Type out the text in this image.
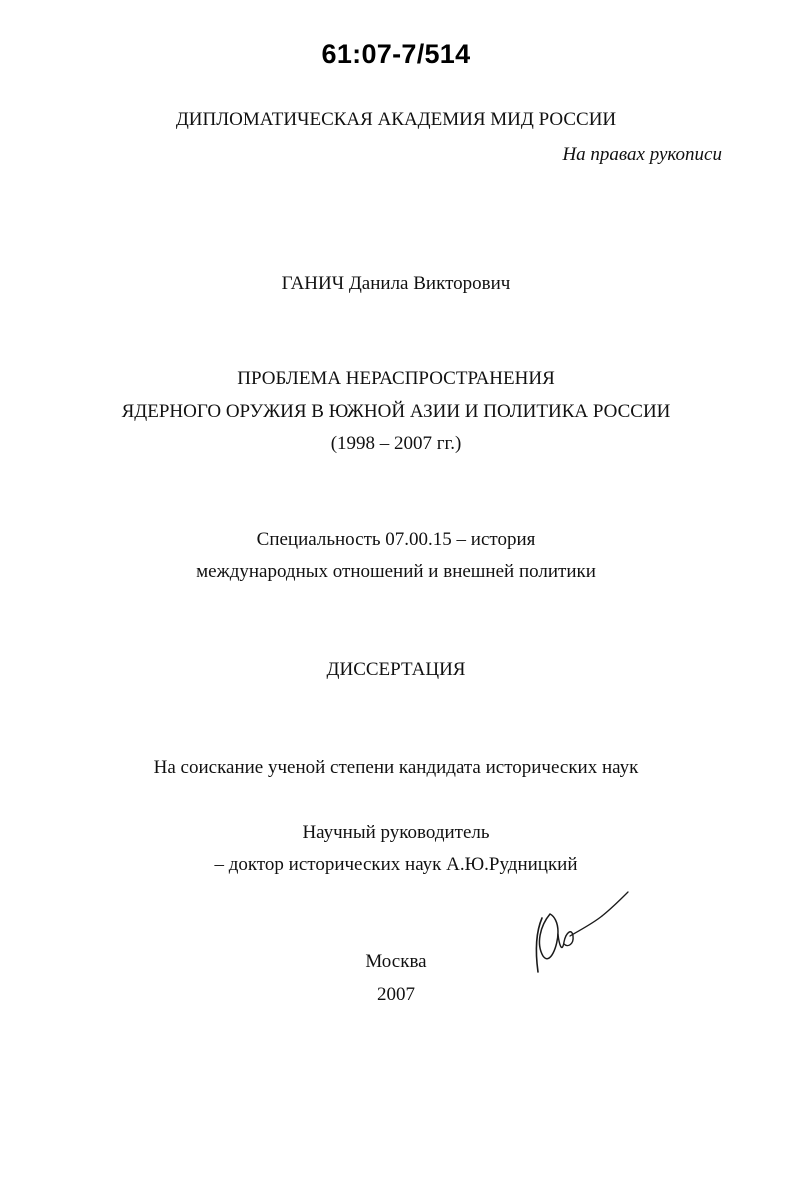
61:07-7/514
ДИПЛОМАТИЧЕСКАЯ АКАДЕМИЯ МИД РОССИИ
На правах рукописи
ГАНИЧ Данила Викторович
ПРОБЛЕМА НЕРАСПРОСТРАНЕНИЯ
ЯДЕРНОГО ОРУЖИЯ В ЮЖНОЙ АЗИИ И ПОЛИТИКА РОССИИ
(1998 – 2007 гг.)
Специальность 07.00.15 – история
международных отношений и внешней политики
ДИССЕРТАЦИЯ
На соискание ученой степени кандидата исторических наук
Научный руководитель
– доктор исторических наук А.Ю.Рудницкий
Москва
2007
